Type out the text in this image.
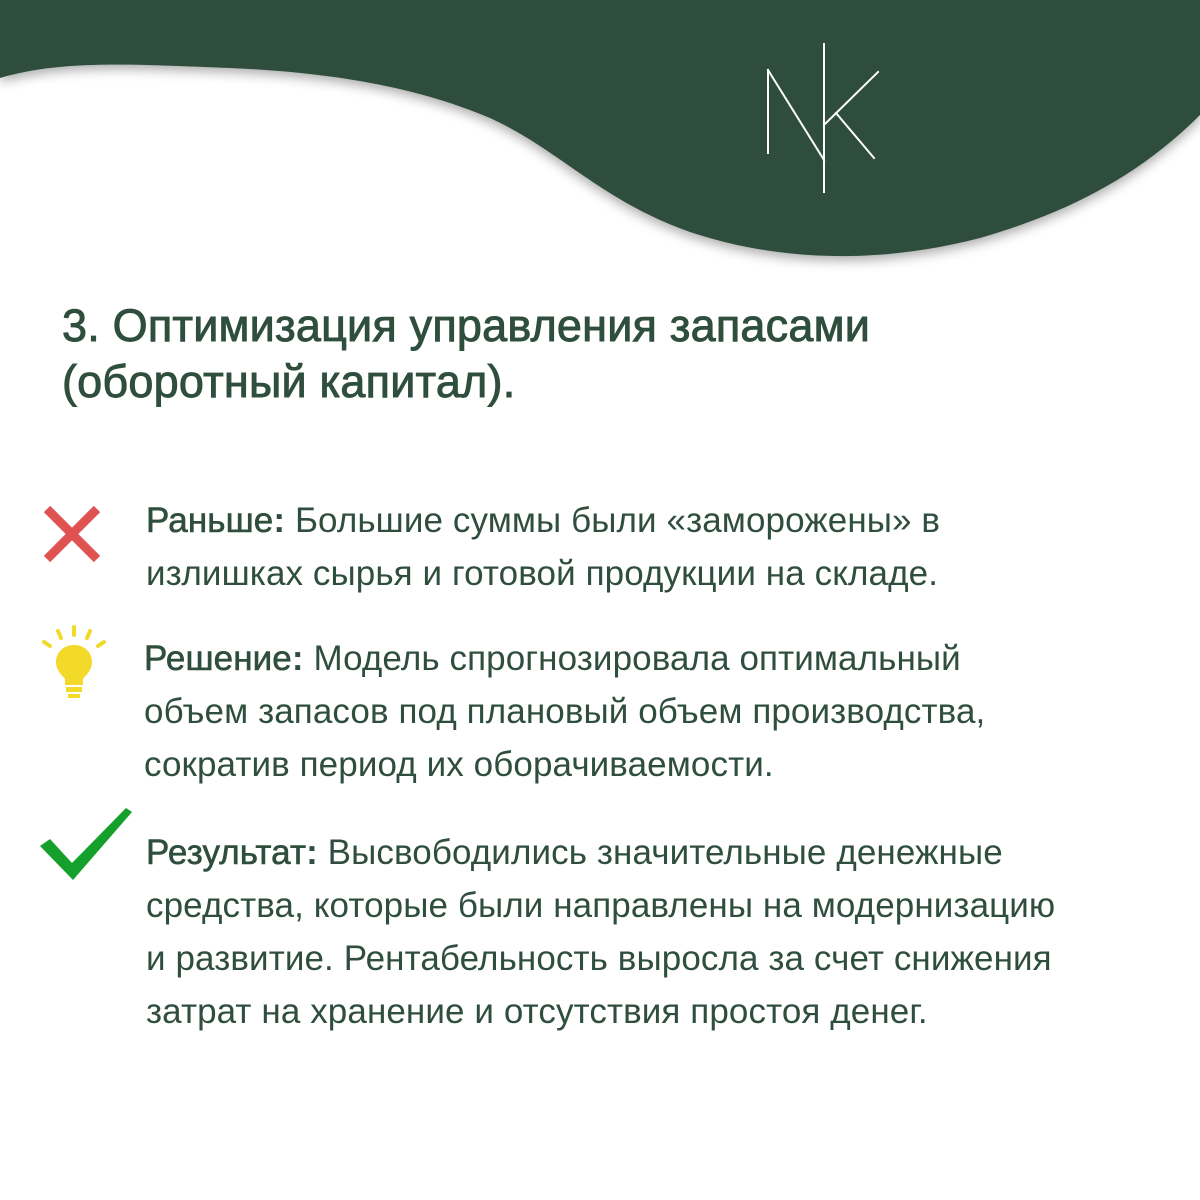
3. Оптимизация управления запасами
(оборотный капитал).

Раньше: Большие суммы были «заморожены» в
излишках сырья и готовой продукции на складе.

Решение: Модель спрогнозировала оптимальный
объем запасов под плановый объем производства,
сократив период их оборачиваемости.

Результат: Высвободились значительные денежные
средства, которые были направлены на модернизацию
и развитие. Рентабельность выросла за счет снижения
затрат на хранение и отсутствия простоя денег.
